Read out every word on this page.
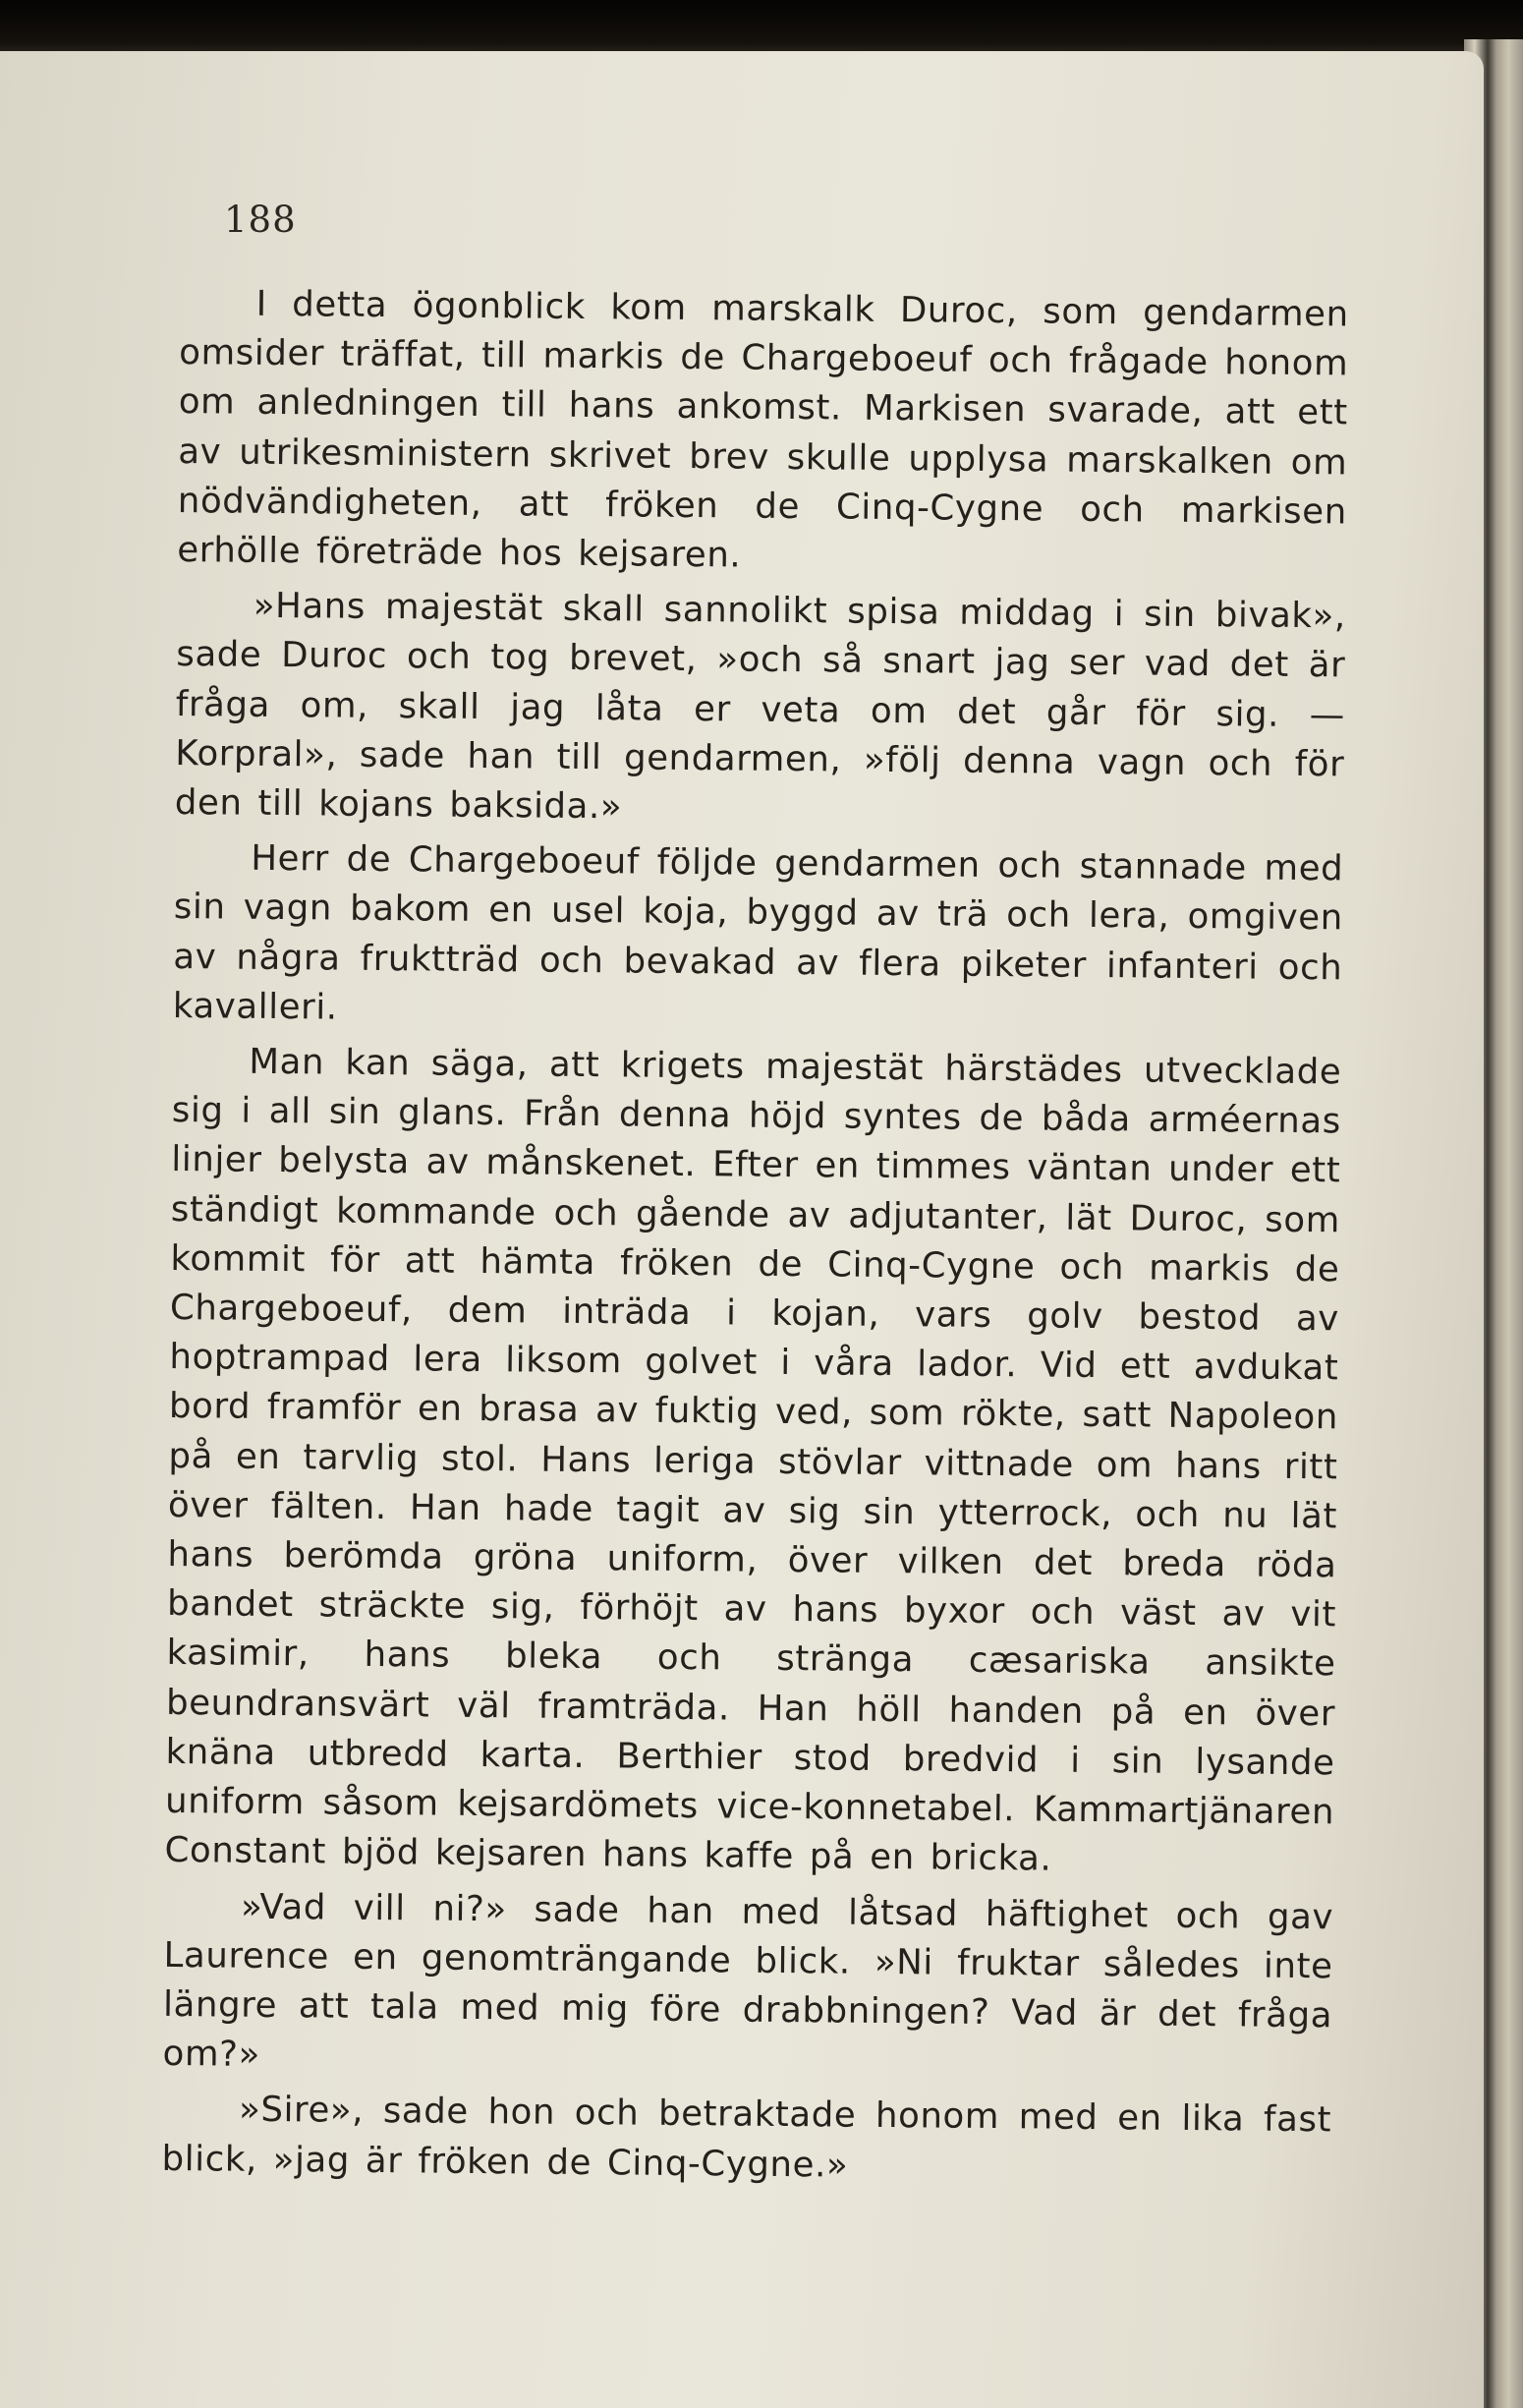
188

I detta ögonblick kom marskalk Duroc, som gendarmen omsider träffat, till markis de Chargeboeuf och frågade honom om anledningen till hans ankomst. Markisen svarade, att ett av utrikesministern skrivet brev skulle upplysa marskalken om nödvändigheten, att fröken de Cinq-Cygne och markisen erhölle företräde hos kejsaren.

»Hans majestät skall sannolikt spisa middag i sin bivak», sade Duroc och tog brevet, »och så snart jag ser vad det är fråga om, skall jag låta er veta om det går för sig. — Korpral», sade han till gendarmen, »följ denna vagn och för den till kojans baksida.»

Herr de Chargeboeuf följde gendarmen och stannade med sin vagn bakom en usel koja, byggd av trä och lera, omgiven av några fruktträd och bevakad av flera piketer infanteri och kavalleri.

Man kan säga, att krigets majestät härstädes utvecklade sig i all sin glans. Från denna höjd syntes de båda arméernas linjer belysta av månskenet. Efter en timmes väntan under ett ständigt kommande och gående av adjutanter, lät Duroc, som kommit för att hämta fröken de Cinq-Cygne och markis de Chargeboeuf, dem inträda i kojan, vars golv bestod av hoptrampad lera liksom golvet i våra lador. Vid ett avdukat bord framför en brasa av fuktig ved, som rökte, satt Napoleon på en tarvlig stol. Hans leriga stövlar vittnade om hans ritt över fälten. Han hade tagit av sig sin ytterrock, och nu lät hans berömda gröna uniform, över vilken det breda röda bandet sträckte sig, förhöjt av hans byxor och väst av vit kasimir, hans bleka och stränga cæsariska ansikte beundransvärt väl framträda. Han höll handen på en över knäna utbredd karta. Berthier stod bredvid i sin lysande uniform såsom kejsardömets vice-konnetabel. Kammartjänaren Constant bjöd kejsaren hans kaffe på en bricka.

»Vad vill ni?» sade han med låtsad häftighet och gav Laurence en genomträngande blick. »Ni fruktar således inte längre att tala med mig före drabbningen? Vad är det fråga om?»

»Sire», sade hon och betraktade honom med en lika fast blick, »jag är fröken de Cinq-Cygne.»
